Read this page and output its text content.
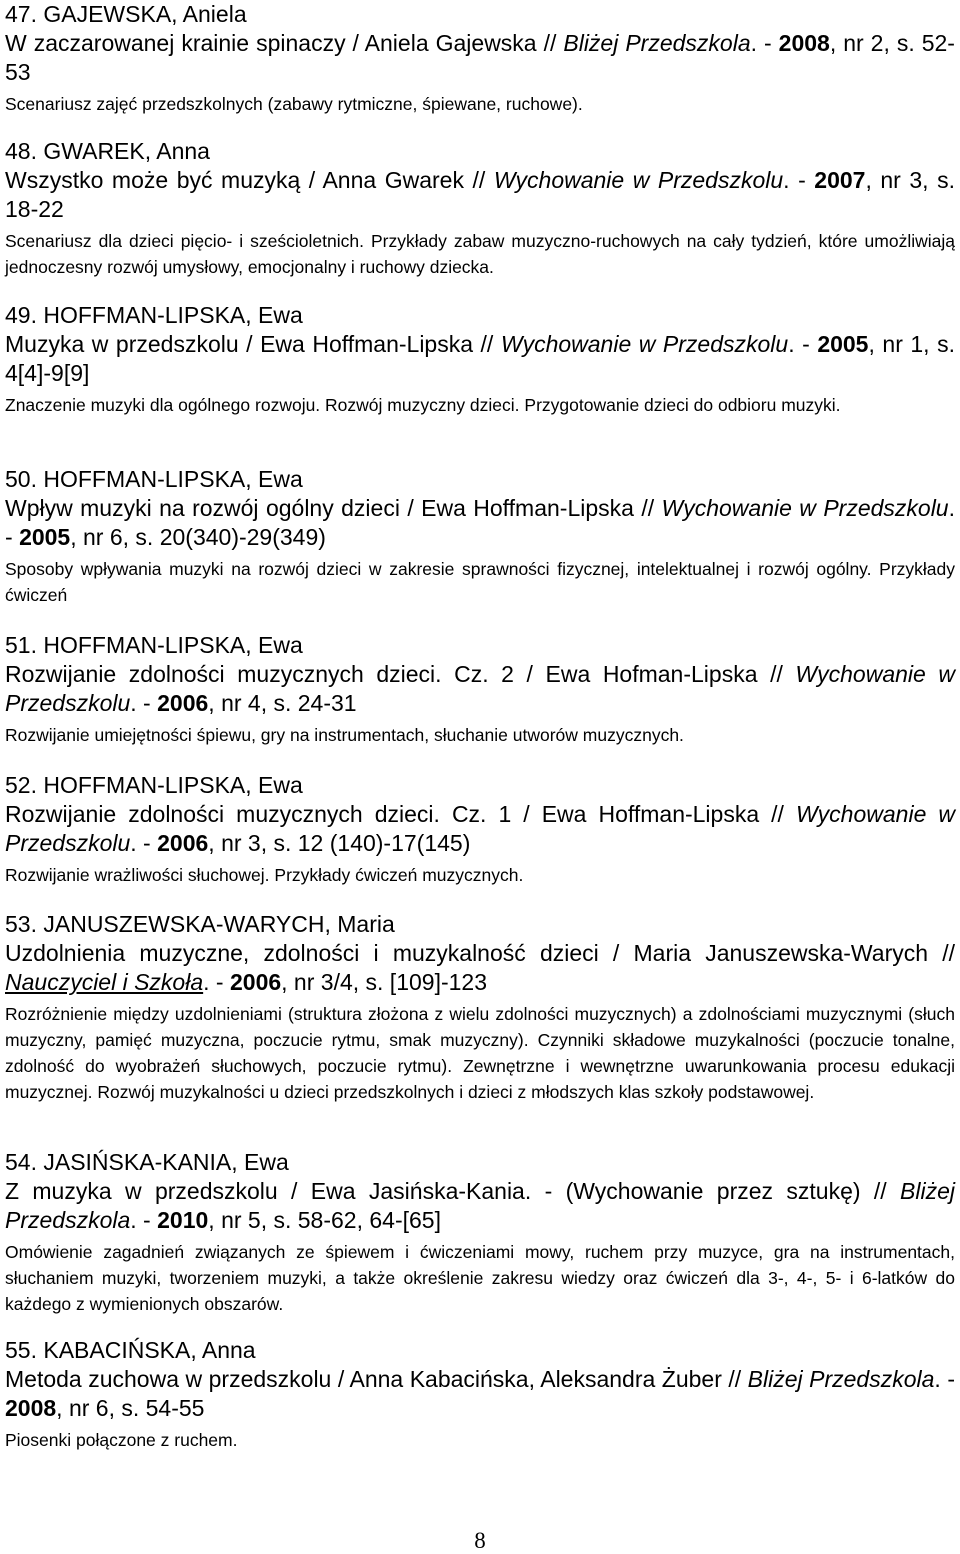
47. GAJEWSKA, Aniela

W zaczarowanej krainie spinaczy / Aniela Gajewska // Bliżej Przedszkola. - 2008, nr 2, s. 52-53

Scenariusz zajęć przedszkolnych (zabawy rytmiczne, śpiewane, ruchowe).

48. GWAREK, Anna

Wszystko może być muzyką / Anna Gwarek // Wychowanie w Przedszkolu. - 2007, nr 3, s. 18-22

Scenariusz dla dzieci pięcio- i sześcioletnich. Przykłady zabaw muzyczno-ruchowych na cały tydzień, które umożliwiają jednoczesny rozwój umysłowy, emocjonalny i ruchowy dziecka.

49. HOFFMAN-LIPSKA, Ewa

Muzyka w przedszkolu / Ewa Hoffman-Lipska // Wychowanie w Przedszkolu. - 2005, nr 1, s. 4[4]-9[9]

Znaczenie muzyki dla ogólnego rozwoju. Rozwój muzyczny dzieci. Przygotowanie dzieci do odbioru muzyki.

50. HOFFMAN-LIPSKA, Ewa

Wpływ muzyki na rozwój ogólny dzieci / Ewa Hoffman-Lipska // Wychowanie w Przedszkolu. - 2005, nr 6, s. 20(340)-29(349)

Sposoby wpływania muzyki na rozwój dzieci w zakresie sprawności fizycznej, intelektualnej i rozwój ogólny. Przykłady ćwiczeń

51. HOFFMAN-LIPSKA, Ewa

Rozwijanie zdolności muzycznych dzieci. Cz. 2 / Ewa Hofman-Lipska // Wychowanie w Przedszkolu. - 2006, nr 4, s. 24-31

Rozwijanie umiejętności śpiewu, gry na instrumentach, słuchanie utworów muzycznych.

52. HOFFMAN-LIPSKA, Ewa

Rozwijanie zdolności muzycznych dzieci. Cz. 1 / Ewa Hoffman-Lipska // Wychowanie w Przedszkolu. - 2006, nr 3, s. 12 (140)-17(145)

Rozwijanie wrażliwości słuchowej. Przykłady ćwiczeń muzycznych.

53. JANUSZEWSKA-WARYCH, Maria

Uzdolnienia muzyczne, zdolności i muzykalność dzieci / Maria Januszewska-Warych // Nauczyciel i Szkoła. - 2006, nr 3/4, s. [109]-123

Rozróżnienie między uzdolnieniami (struktura złożona z wielu zdolności muzycznych) a zdolnościami muzycznymi (słuch muzyczny, pamięć muzyczna, poczucie rytmu, smak muzyczny). Czynniki składowe muzykalności (poczucie tonalne, zdolność do wyobrażeń słuchowych, poczucie rytmu). Zewnętrzne i wewnętrzne uwarunkowania procesu edukacji muzycznej. Rozwój muzykalności u dzieci przedszkolnych i dzieci z młodszych klas szkoły podstawowej.

54. JASIŃSKA-KANIA, Ewa

Z muzyka w przedszkolu / Ewa Jasińska-Kania. - (Wychowanie przez sztukę) // Bliżej Przedszkola. - 2010, nr 5, s. 58-62, 64-[65]

Omówienie zagadnień związanych ze śpiewem i ćwiczeniami mowy, ruchem przy muzyce, gra na instrumentach, słuchaniem muzyki, tworzeniem muzyki, a także określenie zakresu wiedzy oraz ćwiczeń dla 3-, 4-, 5- i 6-latków do każdego z wymienionych obszarów.

55. KABACIŃSKA, Anna

Metoda zuchowa w przedszkolu / Anna Kabacińska, Aleksandra Żuber // Bliżej Przedszkola. - 2008, nr 6, s. 54-55

Piosenki połączone z ruchem.

8
